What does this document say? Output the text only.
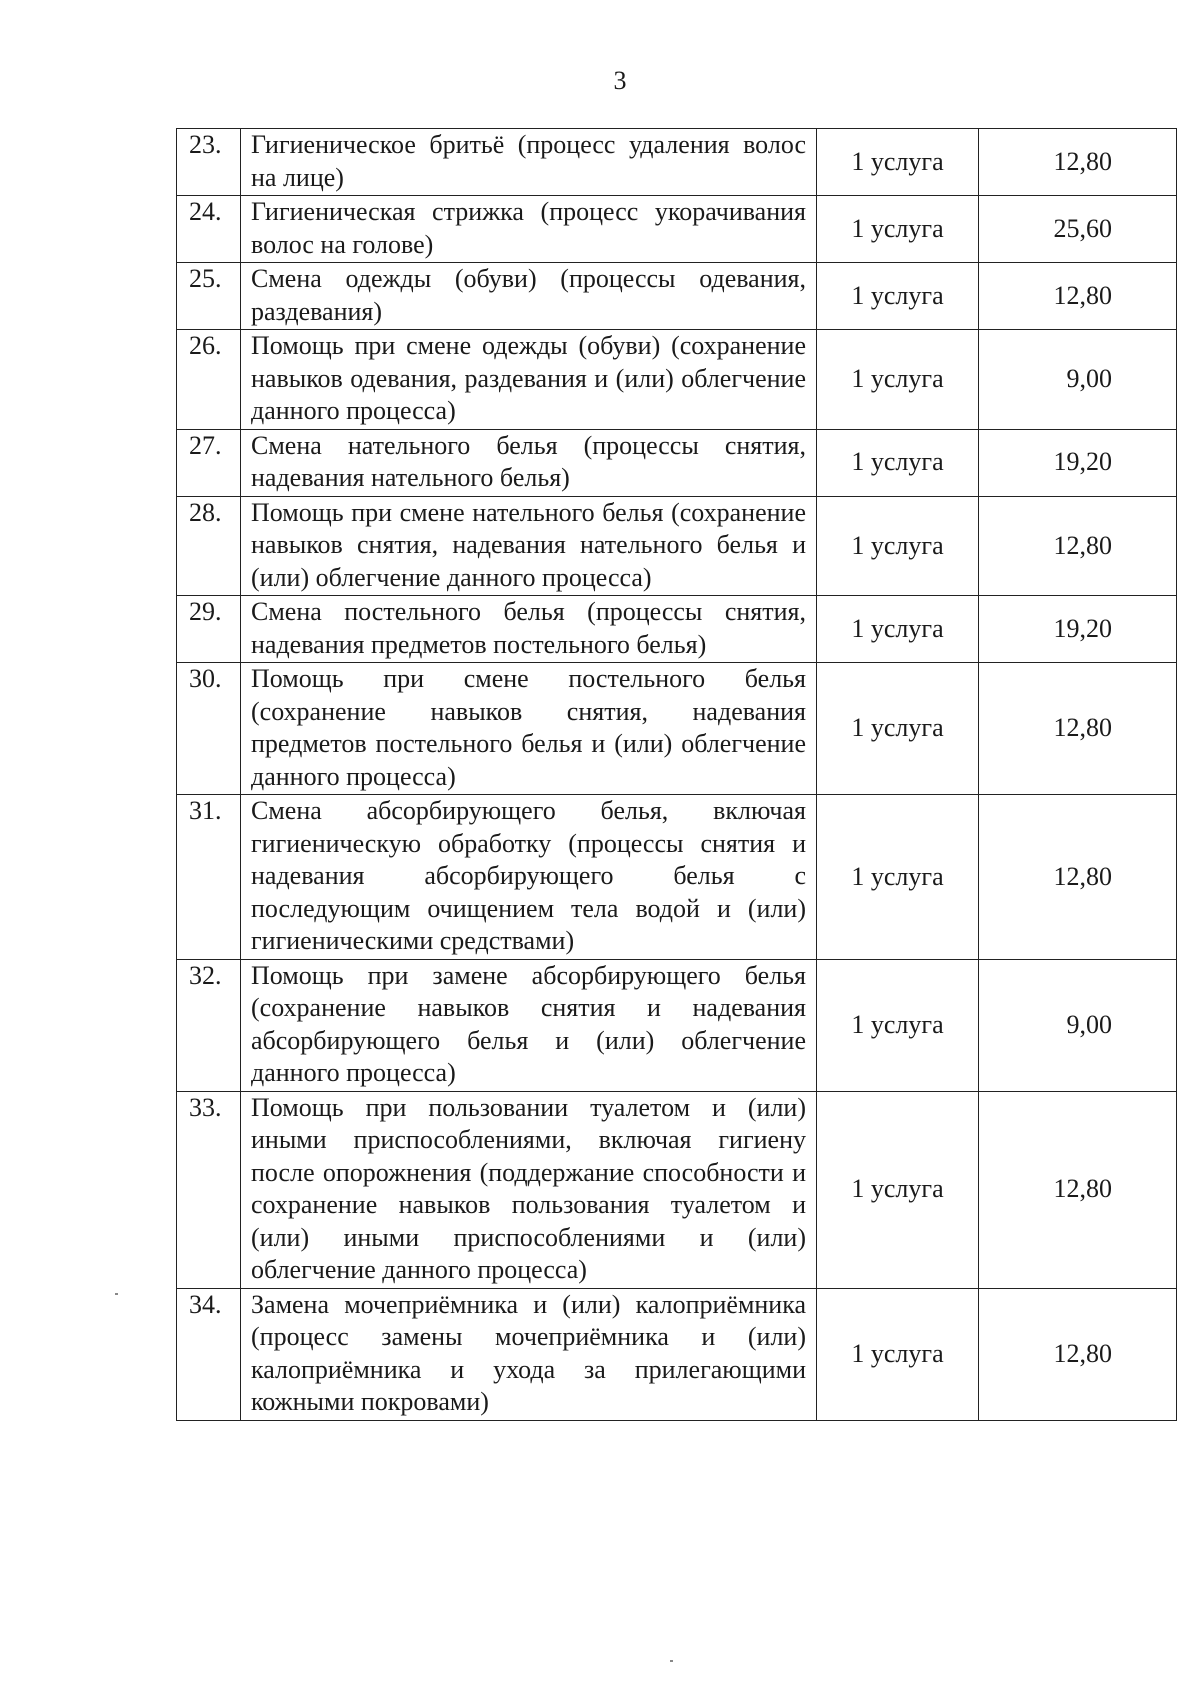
3
23.	Гигиеническое бритьё (процесс удаления волос на лице)	1 услуга	12,80
24.	Гигиеническая стрижка (процесс укорачивания волос на голове)	1 услуга	25,60
25.	Смена одежды (обуви) (процессы одевания, раздевания)	1 услуга	12,80
26.	Помощь при смене одежды (обуви) (сохранение навыков одевания, раздевания и (или) облегчение данного процесса)	1 услуга	9,00
27.	Смена нательного белья (процессы снятия, надевания нательного белья)	1 услуга	19,20
28.	Помощь при смене нательного белья (сохранение навыков снятия, надевания нательного белья и (или) облегчение данного процесса)	1 услуга	12,80
29.	Смена постельного белья (процессы снятия, надевания предметов постельного белья)	1 услуга	19,20
30.	Помощь при смене постельного белья (сохранение навыков снятия, надевания предметов постельного белья и (или) облегчение данного процесса)	1 услуга	12,80
31.	Смена абсорбирующего белья, включая гигиеническую обработку (процессы снятия и надевания абсорбирующего белья с последующим очищением тела водой и (или) гигиеническими средствами)	1 услуга	12,80
32.	Помощь при замене абсорбирующего белья (сохранение навыков снятия и надевания абсорбирующего белья и (или) облегчение данного процесса)	1 услуга	9,00
33.	Помощь при пользовании туалетом и (или) иными приспособлениями, включая гигиену после опорожнения (поддержание способности и сохранение навыков пользования туалетом и (или) иными приспособлениями и (или) облегчение данного процесса)	1 услуга	12,80
34.	Замена мочеприёмника и (или) калоприёмника (процесс замены мочеприёмника и (или) калоприёмника и ухода за прилегающими кожными покровами)	1 услуга	12,80
